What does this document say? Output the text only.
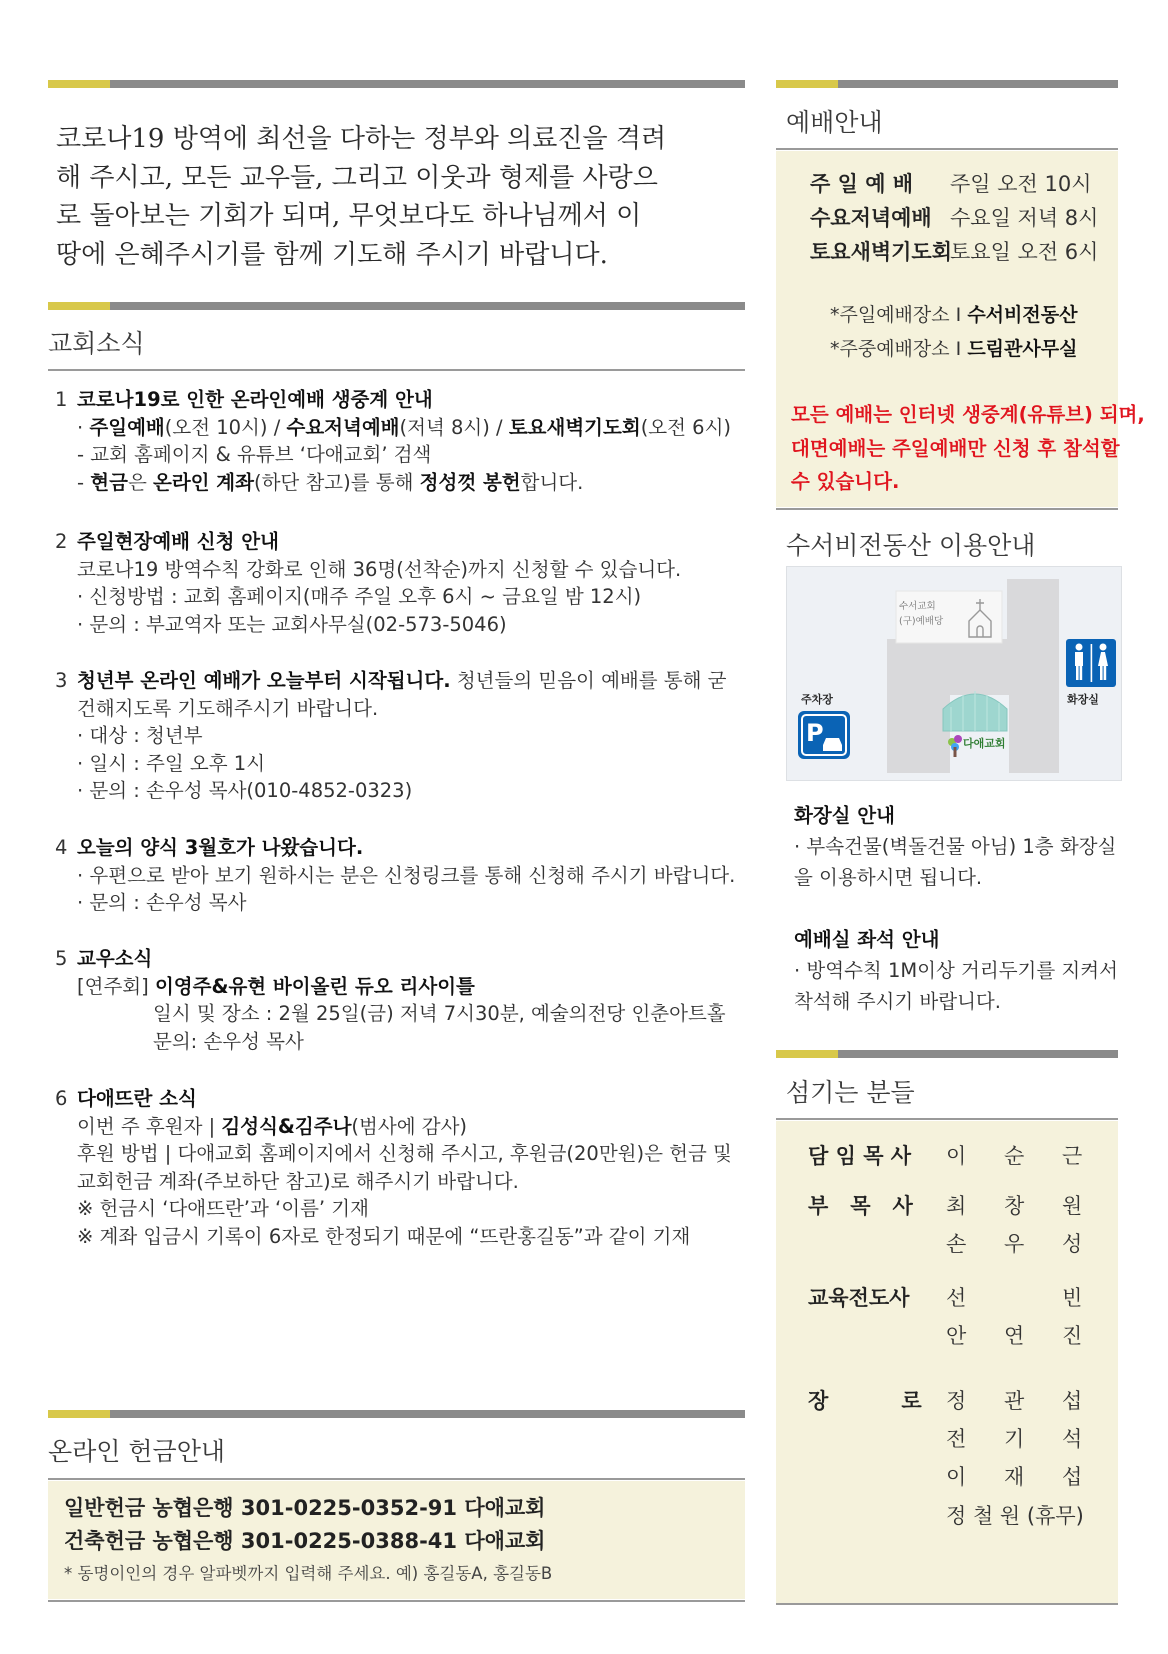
코로나19 방역에 최선을 다하는 정부와 의료진을 격려
해 주시고, 모든 교우들, 그리고 이웃과 형제를 사랑으
로 돌아보는 기회가 되며, 무엇보다도 하나님께서 이
땅에 은혜주시기를 함께 기도해 주시기 바랍니다.
교회소식
1 코로나19로 인한 온라인예배 생중계 안내
· 주일예배(오전 10시) / 수요저녁예배(저녁 8시) / 토요새벽기도회(오전 6시)
- 교회 홈페이지 & 유튜브 ‘다애교회’ 검색
- 현금은 온라인 계좌(하단 참고)를 통해 정성껏 봉헌합니다.
2 주일현장예배 신청 안내
코로나19 방역수칙 강화로 인해 36명(선착순)까지 신청할 수 있습니다.
· 신청방법 : 교회 홈페이지(매주 주일 오후 6시 ~ 금요일 밤 12시)
· 문의 : 부교역자 또는 교회사무실(02-573-5046)
3 청년부 온라인 예배가 오늘부터 시작됩니다. 청년들의 믿음이 예배를 통해 굳
건해지도록 기도해주시기 바랍니다.
· 대상 : 청년부
· 일시 : 주일 오후 1시
· 문의 : 손우성 목사(010-4852-0323)
4 오늘의 양식 3월호가 나왔습니다.
· 우편으로 받아 보기 원하시는 분은 신청링크를 통해 신청해 주시기 바랍니다.
· 문의 : 손우성 목사
5 교우소식
[연주회] 이영주&유현 바이올린 듀오 리사이틀
일시 및 장소 : 2월 25일(금) 저녁 7시30분, 예술의전당 인춘아트홀
문의: 손우성 목사
6 다애뜨란 소식
이번 주 후원자 | 김성식&김주나(범사에 감사)
후원 방법 | 다애교회 홈페이지에서 신청해 주시고, 후원금(20만원)은 헌금 및
교회헌금 계좌(주보하단 참고)로 해주시기 바랍니다.
※ 헌금시 ‘다애뜨란’과 ‘이름’ 기재
※ 계좌 입금시 기록이 6자로 한정되기 때문에 “뜨란홍길동”과 같이 기재
온라인 헌금안내
일반헌금 농협은행 301-0225-0352-91 다애교회
건축헌금 농협은행 301-0225-0388-41 다애교회
* 동명이인의 경우 알파벳까지 입력해 주세요. 예) 홍길동A, 홍길동B
예배안내
주 일 예 배 주일 오전 10시
수요저녁예배 수요일 저녁 8시
토요새벽기도회토요일 오전 6시
*주일예배장소 I 수서비전동산
*주중예배장소 I 드림관사무실
모든 예배는 인터넷 생중계(유튜브) 되며,
대면예배는 주일예배만 신청 후 참석할
수 있습니다.
수서비전동산 이용안내
P
수서교회
(구)예배당
주차장	화장실
다애교회
화장실 안내
· 부속건물(벽돌건물 아님) 1층 화장실
을 이용하시면 됩니다.
예배실 좌석 안내
· 방역수칙 1M이상 거리두기를 지켜서
착석해 주시기 바랍니다.
섬기는 분들
담 임 목 사
부   목   사
교육전도사
장          로
이 순 근
최 창 원
손 우 성
선	빈
안 연 진
정 관 섭
전 기 석
이 재 섭
정 철 원 (휴무)
